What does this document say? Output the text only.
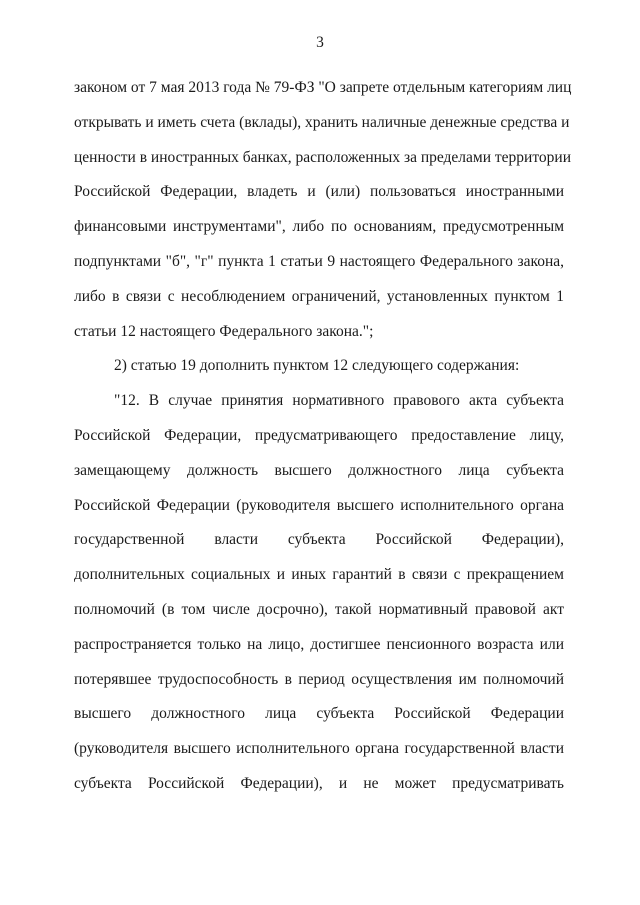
3
законом от 7 мая 2013 года № 79-ФЗ "О запрете отдельным категориям лиц
открывать и иметь счета (вклады), хранить наличные денежные средства и
ценности в иностранных банках, расположенных за пределами территории
Российской Федерации, владеть и (или) пользоваться иностранными
финансовыми инструментами", либо по основаниям, предусмотренным
подпунктами "б", "г" пункта 1 статьи 9 настоящего Федерального закона,
либо в связи с несоблюдением ограничений, установленных пунктом 1
статьи 12 настоящего Федерального закона.";
2) статью 19 дополнить пунктом 12 следующего содержания:
"12. В случае принятия нормативного правового акта субъекта
Российской Федерации, предусматривающего предоставление лицу,
замещающему должность высшего должностного лица субъекта
Российской Федерации (руководителя высшего исполнительного органа
государственной власти субъекта Российской Федерации),
дополнительных социальных и иных гарантий в связи с прекращением
полномочий (в том числе досрочно), такой нормативный правовой акт
распространяется только на лицо, достигшее пенсионного возраста или
потерявшее трудоспособность в период осуществления им полномочий
высшего должностного лица субъекта Российской Федерации
(руководителя высшего исполнительного органа государственной власти
субъекта Российской Федерации), и не может предусматривать
